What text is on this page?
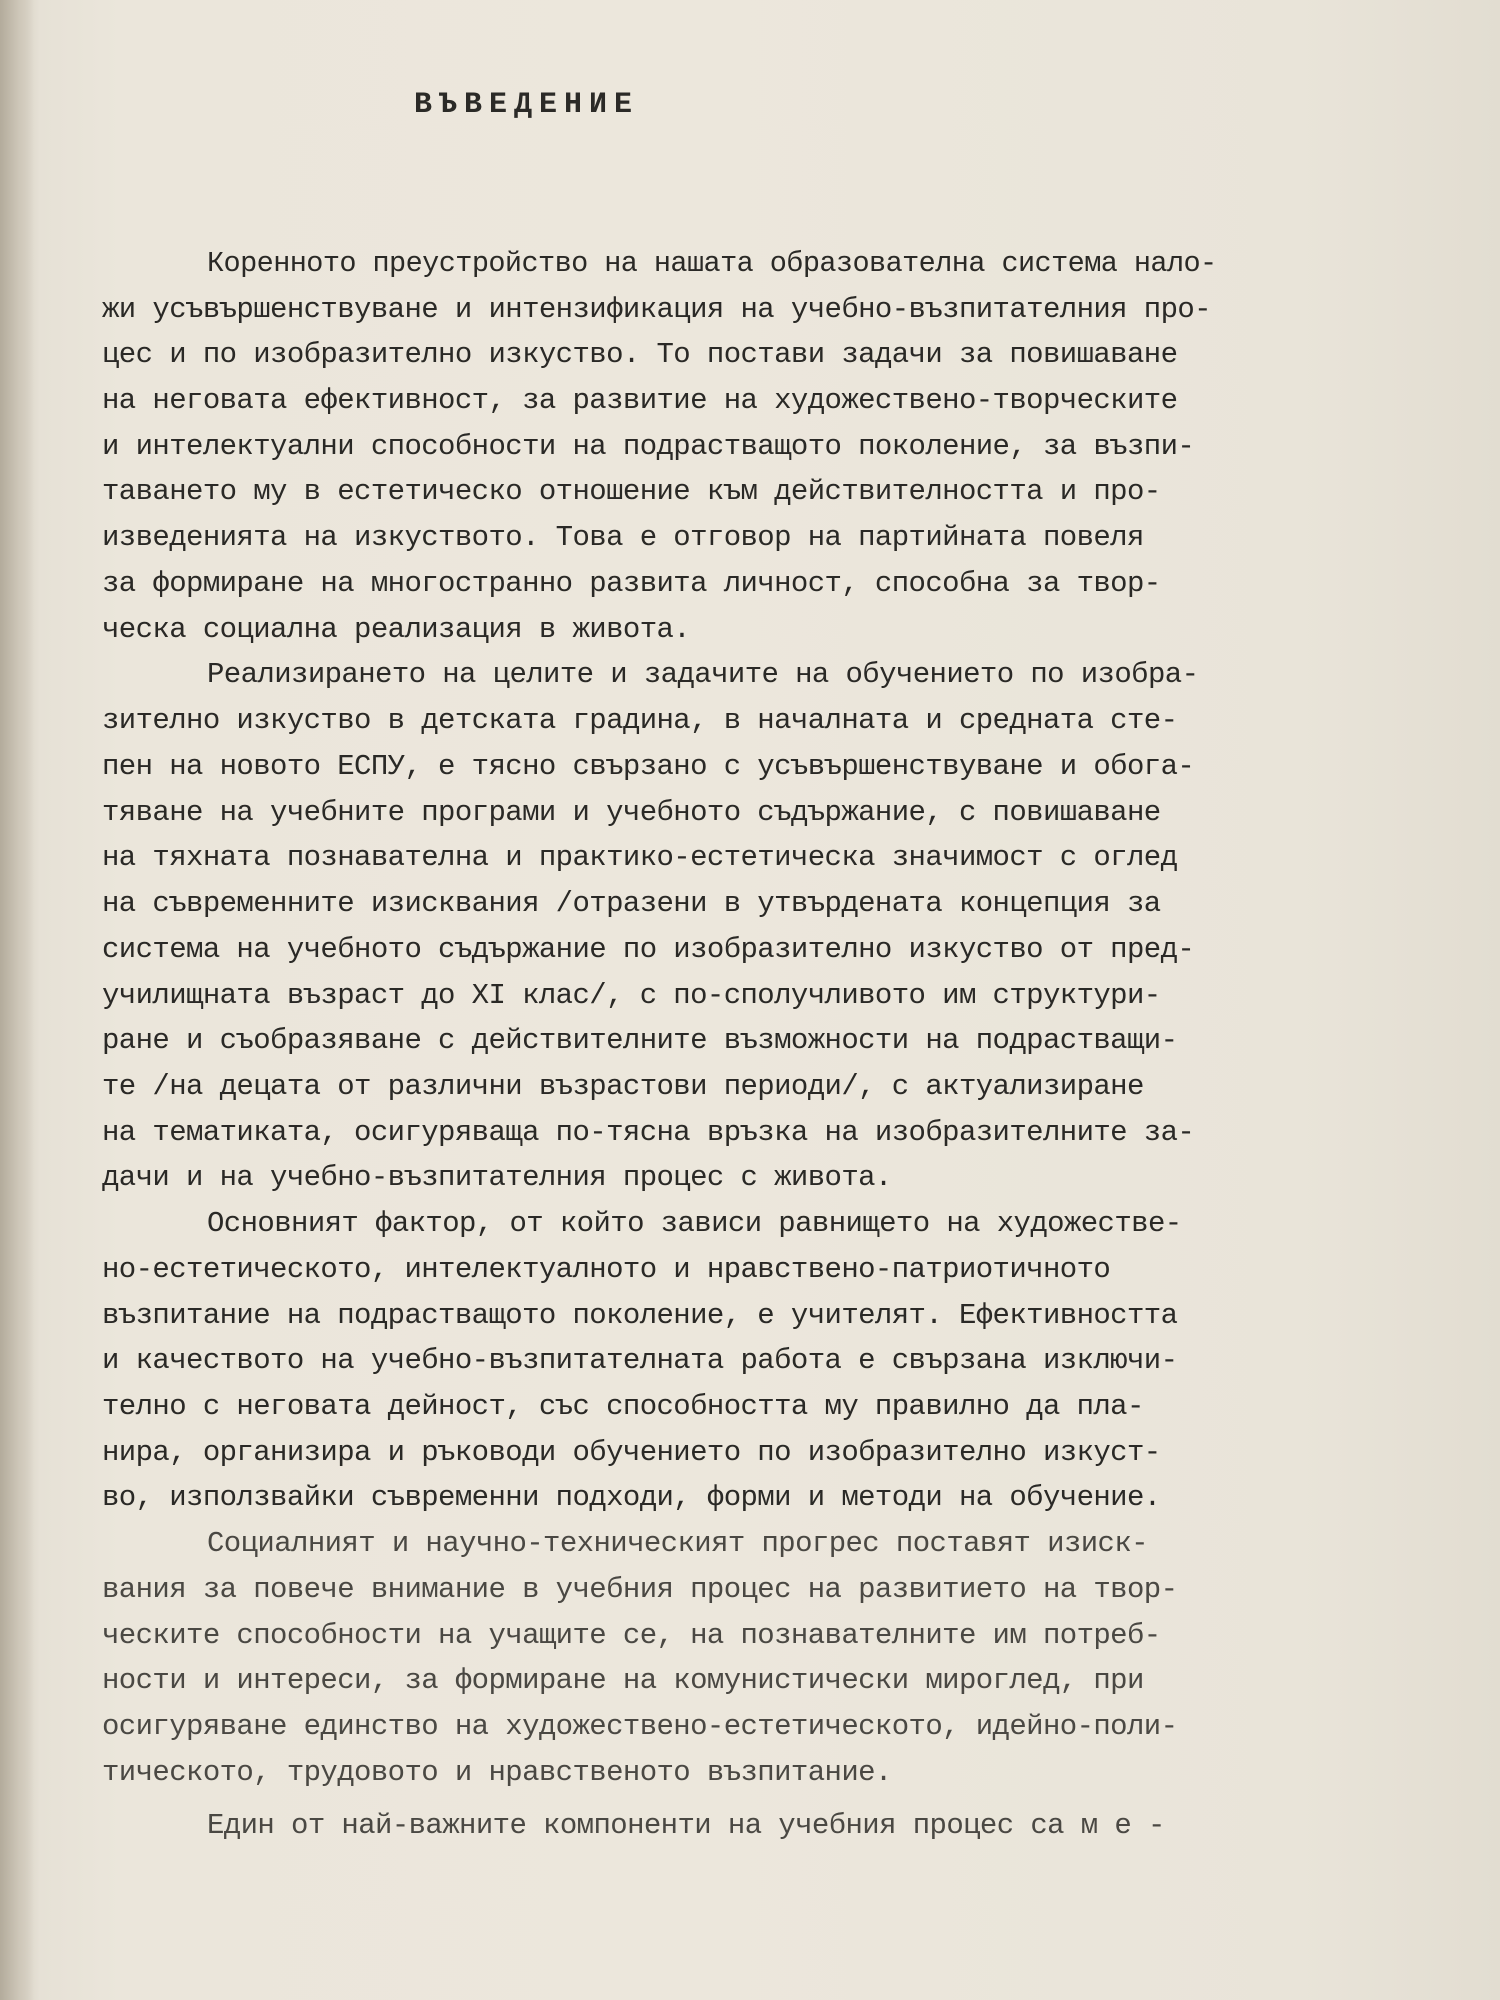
ВЪВЕДЕНИЕ
Коренното преустройство на нашата образователна система нало-
жи усъвършенствуване и интензификация на учебно-възпитателния про-
цес и по изобразително изкуство. То постави задачи за повишаване
на неговата ефективност, за развитие на художествено-творческите
и интелектуални способности на подрастващото поколение, за възпи-
таването му в естетическо отношение към действителността и про-
изведенията на изкуството. Това е отговор на партийната повеля
за формиране на многостранно развита личност, способна за твор-
ческа социална реализация в живота.
Реализирането на целите и задачите на обучението по изобра-
зително изкуство в детската градина, в началната и средната сте-
пен на новото ЕСПУ, е тясно свързано с усъвършенствуване и обога-
тяване на учебните програми и учебното съдържание, с повишаване
на тяхната познавателна и практико-естетическа значимост с оглед
на съвременните изисквания /отразени в утвърдената концепция за
система на учебното съдържание по изобразително изкуство от пред-
училищната възраст до XI клас/, с по-сполучливото им структури-
ране и съобразяване с действителните възможности на подрастващи-
те /на децата от различни възрастови периоди/, с актуализиране
на тематиката, осигуряваща по-тясна връзка на изобразителните за-
дачи и на учебно-възпитателния процес с живота.
Основният фактор, от който зависи равнището на художестве-
но-естетическото, интелектуалното и нравствено-патриотичното
възпитание на подрастващото поколение, е учителят. Ефективността
и качеството на учебно-възпитателната работа е свързана изключи-
телно с неговата дейност, със способността му правилно да пла-
нира, организира и ръководи обучението по изобразително изкуст-
во, използвайки съвременни подходи, форми и методи на обучение.
Социалният и научно-техническият прогрес поставят изиск-
вания за повече внимание в учебния процес на развитието на твор-
ческите способности на учащите се, на познавателните им потреб-
ности и интереси, за формиране на комунистически мироглед, при
осигуряване единство на художествено-естетическото, идейно-поли-
тическото, трудовото и нравственото възпитание.
Един от най-важните компоненти на учебния процес са м е -
